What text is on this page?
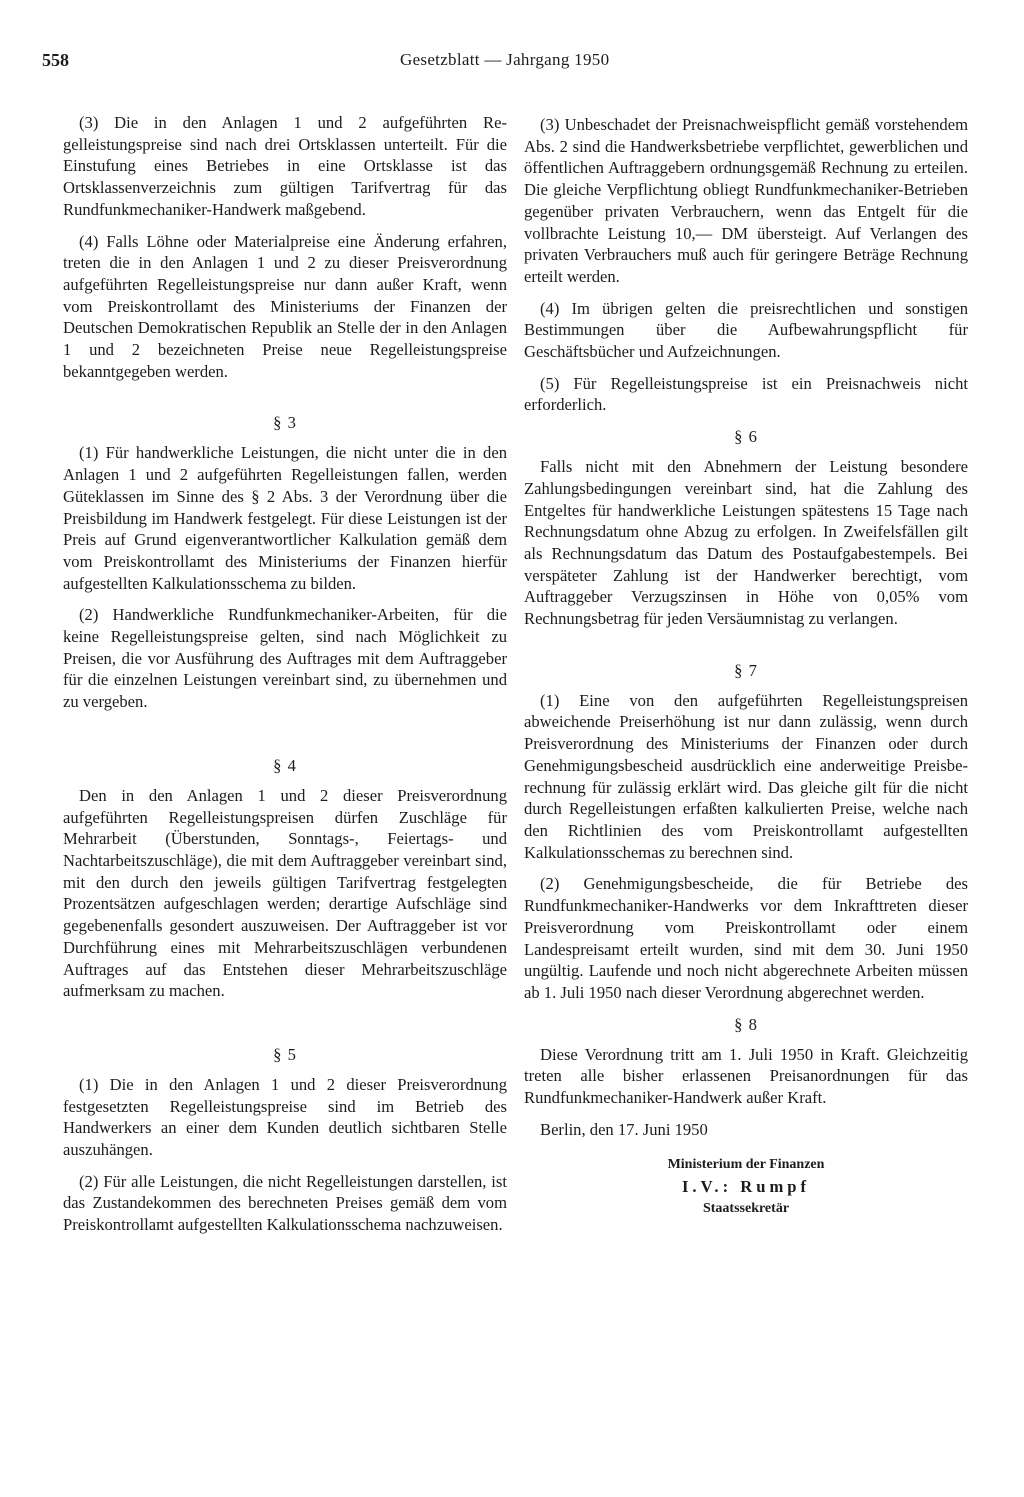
558	Gesetzblatt — Jahrgang 1950

(3) Die in den Anlagen 1 und 2 aufgeführten Regelleistungspreise sind nach drei Ortsklassen unterteilt. Für die Einstufung eines Betriebes in eine Ortsklasse ist das Ortsklassenverzeichnis zum gültigen Tarifvertrag für das Rundfunkmechaniker-Handwerk maßgebend.

(4) Falls Löhne oder Materialpreise eine Änderung erfahren, treten die in den Anlagen 1 und 2 zu dieser Preisverordnung aufgeführten Regelleistungspreise nur dann außer Kraft, wenn vom Preiskontrollamt des Ministeriums der Finanzen der Deutschen Demokratischen Republik an Stelle der in den Anlagen 1 und 2 bezeichneten Preise neue Regelleistungspreise bekanntgegeben werden.

§ 3

(1) Für handwerkliche Leistungen, die nicht unter die in den Anlagen 1 und 2 aufgeführten Regelleistungen fallen, werden Güteklassen im Sinne des § 2 Abs. 3 der Verordnung über die Preisbildung im Handwerk festgelegt. Für diese Leistungen ist der Preis auf Grund eigenverantwortlicher Kalkulation gemäß dem vom Preiskontrollamt des Ministeriums der Finanzen hierfür aufgestellten Kalkulationsschema zu bilden.

(2) Handwerkliche Rundfunkmechaniker-Arbeiten, für die keine Regelleistungspreise gelten, sind nach Möglichkeit zu Preisen, die vor Ausführung des Auftrages mit dem Auftraggeber für die einzelnen Leistungen vereinbart sind, zu übernehmen und zu vergeben.

§ 4

Den in den Anlagen 1 und 2 dieser Preisverordnung aufgeführten Regelleistungspreisen dürfen Zuschläge für Mehrarbeit (Überstunden, Sonntags-, Feiertags- und Nachtarbeitszuschläge), die mit dem Auftraggeber vereinbart sind, mit den durch den jeweils gültigen Tarifvertrag festgelegten Prozentsätzen aufgeschlagen werden; derartige Aufschläge sind gegebenenfalls gesondert auszuweisen. Der Auftraggeber ist vor Durchführung eines mit Mehrarbeitszuschlägen verbundenen Auftrages auf das Entstehen dieser Mehrarbeitszuschläge aufmerksam zu machen.

§ 5

(1) Die in den Anlagen 1 und 2 dieser Preisverordnung festgesetzten Regelleistungspreise sind im Betrieb des Handwerkers an einer dem Kunden deutlich sichtbaren Stelle auszuhängen.

(2) Für alle Leistungen, die nicht Regelleistungen darstellen, ist das Zustandekommen des berechneten Preises gemäß dem vom Preiskontrollamt aufgestellten Kalkulationsschema nachzuweisen.

(3) Unbeschadet der Preisnachweispflicht gemäß vorstehendem Abs. 2 sind die Handwerksbetriebe verpflichtet, gewerblichen und öffentlichen Auftraggebern ordnungsgemäß Rechnung zu erteilen. Die gleiche Verpflichtung obliegt Rundfunkmechaniker-Betrieben gegenüber privaten Verbrauchern, wenn das Entgelt für die vollbrachte Leistung 10,— DM übersteigt. Auf Verlangen des privaten Verbrauchers muß auch für geringere Beträge Rechnung erteilt werden.

(4) Im übrigen gelten die preisrechtlichen und sonstigen Bestimmungen über die Aufbewahrungspflicht für Geschäftsbücher und Aufzeichnungen.

(5) Für Regelleistungspreise ist ein Preisnachweis nicht erforderlich.

§ 6

Falls nicht mit den Abnehmern der Leistung besondere Zahlungsbedingungen vereinbart sind, hat die Zahlung des Entgeltes für handwerkliche Leistungen spätestens 15 Tage nach Rechnungsdatum ohne Abzug zu erfolgen. In Zweifelsfällen gilt als Rechnungsdatum das Datum des Postaufgabestempels. Bei verspäteter Zahlung ist der Handwerker berechtigt, vom Auftraggeber Verzugszinsen in Höhe von 0,05% vom Rechnungsbetrag für jeden Versäumnistag zu verlangen.

§ 7

(1) Eine von den aufgeführten Regelleistungspreisen abweichende Preiserhöhung ist nur dann zulässig, wenn durch Preisverordnung des Ministeriums der Finanzen oder durch Genehmigungsbescheid ausdrücklich eine anderweitige Preisberechnung für zulässig erklärt wird. Das gleiche gilt für die nicht durch Regelleistungen erfaßten kalkulierten Preise, welche nach den Richtlinien des vom Preiskontrollamt aufgestellten Kalkulationsschemas zu berechnen sind.

(2) Genehmigungsbescheide, die für Betriebe des Rundfunkmechaniker-Handwerks vor dem Inkrafttreten dieser Preisverordnung vom Preiskontrollamt oder einem Landespreisamt erteilt wurden, sind mit dem 30. Juni 1950 ungültig. Laufende und noch nicht abgerechnete Arbeiten müssen ab 1. Juli 1950 nach dieser Verordnung abgerechnet werden.

§ 8

Diese Verordnung tritt am 1. Juli 1950 in Kraft. Gleichzeitig treten alle bisher erlassenen Preisanordnungen für das Rundfunkmechaniker-Handwerk außer Kraft.

Berlin, den 17. Juni 1950

Ministerium der Finanzen
I.V.: Rumpf
Staatssekretär
